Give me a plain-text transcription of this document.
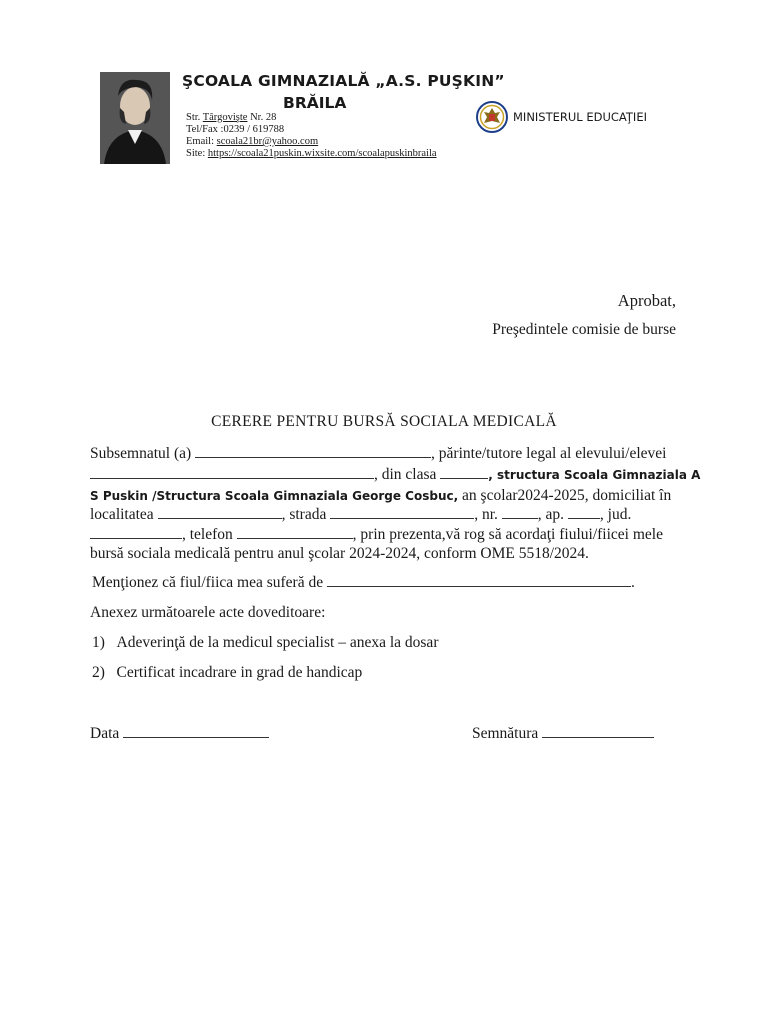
ŞCOALA GIMNAZIALĂ „A.S. PUŞKIN”
BRĂILA
Str. Târgovişte Nr. 28
Tel/Fax :0239 / 619788
Email: scoala21br@yahoo.com
Site: https://scoala21puskin.wixsite.com/scoalapuskinbraila
MINISTERUL EDUCAŢIEI
Aprobat,
Preşedintele comisie de burse
CERERE PENTRU BURSĂ SOCIALA MEDICALĂ
Subsemnatul (a)	, părinte/tutore legal al elevului/elevei
, din clasa	, structura Scoala Gimnaziala A
S Puskin /Structura Scoala Gimnaziala George Cosbuc, an şcolar2024-2025, domiciliat în
localitatea	, strada	, nr. , ap. , jud.
, telefon	, prin prezenta,vă rog să acordaţi fiului/fiicei mele
bursă sociala medicală pentru anul şcolar 2024-2024, conform OME 5518/2024.
Menţionez că fiul/fiica mea suferă de	.
Anexez următoarele acte doveditoare:
1) Adeverinţă de la medicul specialist – anexa la dosar
2) Certificat incadrare in grad de handicap
Data	Semnătura
